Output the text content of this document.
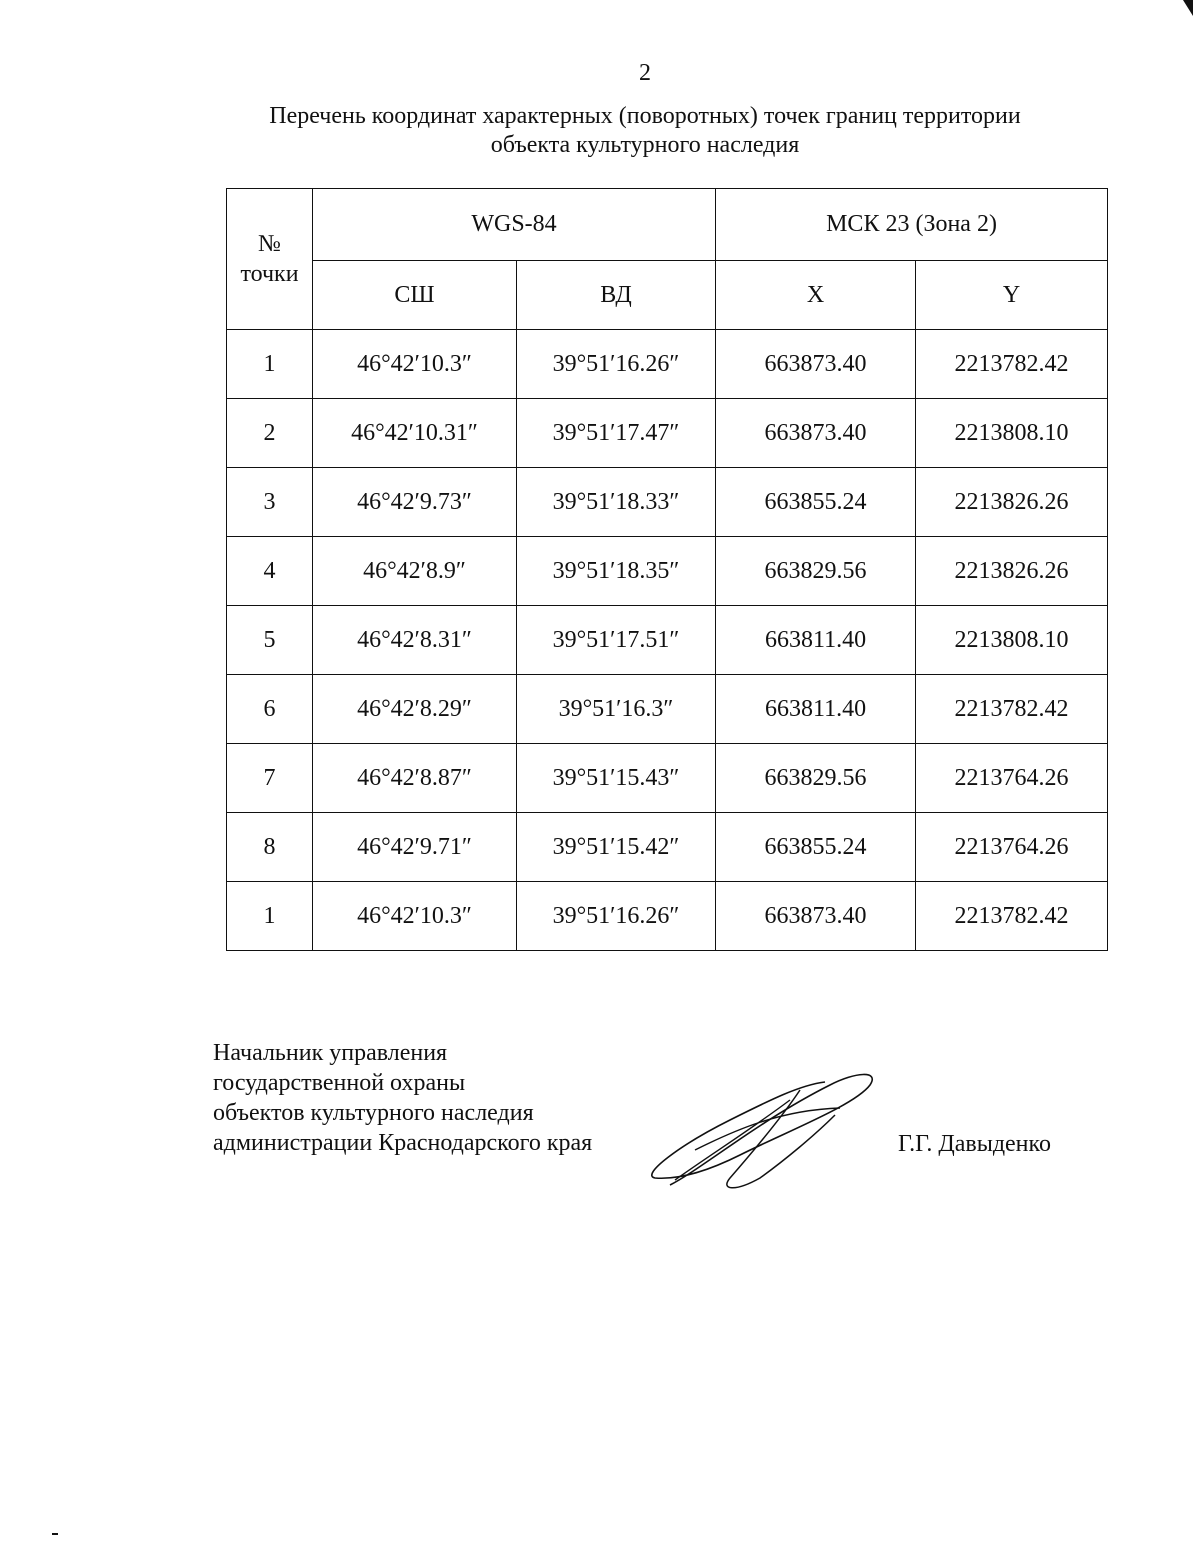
2
Перечень координат характерных (поворотных) точек границ территории
объекта культурного наследия
№
точки	WGS-84		МСК 23 (Зона 2)	
	СШ	ВД	X	Y
1	46°42′10.3″	39°51′16.26″	663873.40	2213782.42
2	46°42′10.31″	39°51′17.47″	663873.40	2213808.10
3	46°42′9.73″	39°51′18.33″	663855.24	2213826.26
4	46°42′8.9″	39°51′18.35″	663829.56	2213826.26
5	46°42′8.31″	39°51′17.51″	663811.40	2213808.10
6	46°42′8.29″	39°51′16.3″	663811.40	2213782.42
7	46°42′8.87″	39°51′15.43″	663829.56	2213764.26
8	46°42′9.71″	39°51′15.42″	663855.24	2213764.26
1	46°42′10.3″	39°51′16.26″	663873.40	2213782.42
Начальник управления
государственной охраны
объектов культурного наследия
администрации Краснодарского края	Г.Г. Давыденко
